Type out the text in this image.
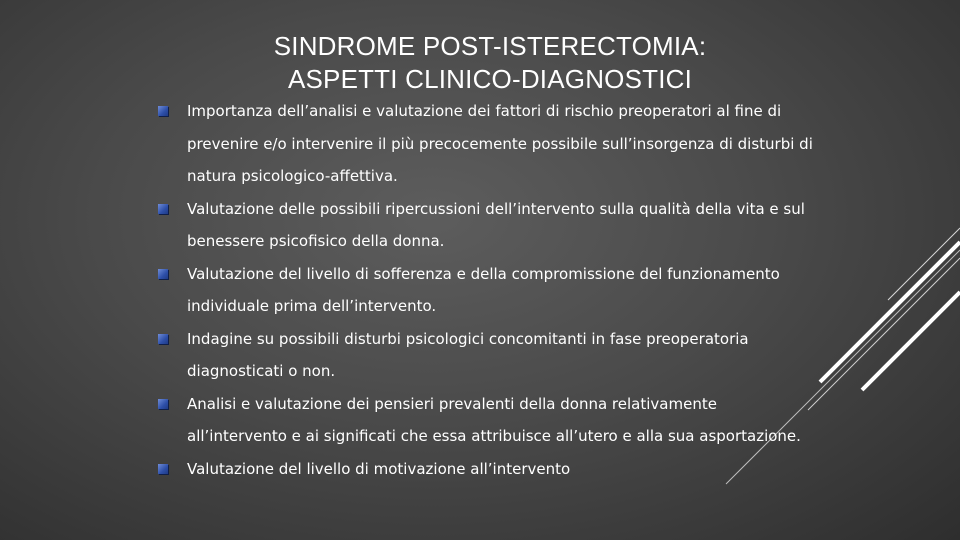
SINDROME POST-ISTERECTOMIA:
ASPETTI CLINICO-DIAGNOSTICI
Importanza dell’analisi e valutazione dei fattori di rischio preoperatori al fine di prevenire e/o intervenire il più precocemente possibile sull’insorgenza di disturbi di natura psicologico-affettiva.
Valutazione delle possibili ripercussioni dell’intervento sulla qualità della vita e sul benessere psicofisico della donna.
Valutazione del livello di sofferenza e della compromissione del funzionamento individuale prima dell’intervento.
Indagine su possibili disturbi psicologici concomitanti in fase preoperatoria diagnosticati o non.
Analisi e valutazione dei pensieri prevalenti della donna relativamente all’intervento e ai significati che essa attribuisce all’utero e alla sua asportazione.
Valutazione del livello di motivazione all’intervento
